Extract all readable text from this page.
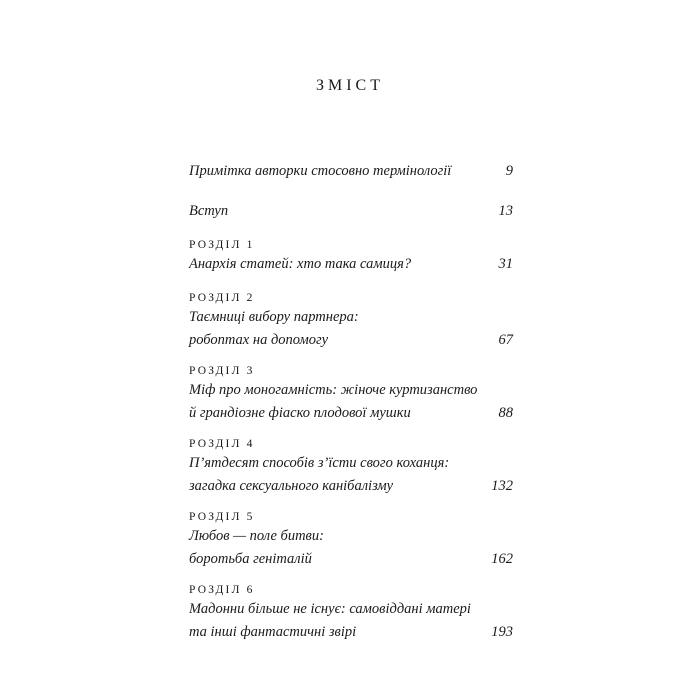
ЗМІСТ
Примітка авторки стосовно термінології	9
Вступ	13
РОЗДІЛ 1
Анархія статей: хто така самиця?	31
РОЗДІЛ 2
Таємниці вибору партнера:
робоптах на допомогу	67
РОЗДІЛ 3
Міф про моногамність: жіноче куртизанство
й грандіозне фіаско плодової мушки	88
РОЗДІЛ 4
П’ятдесят способів з’їсти свого коханця:
загадка сексуального канібалізму	132
РОЗДІЛ 5
Любов — поле битви:
боротьба геніталій	162
РОЗДІЛ 6
Мадонни більше не існує: самовіддані матері
та інші фантастичні звірі	193
